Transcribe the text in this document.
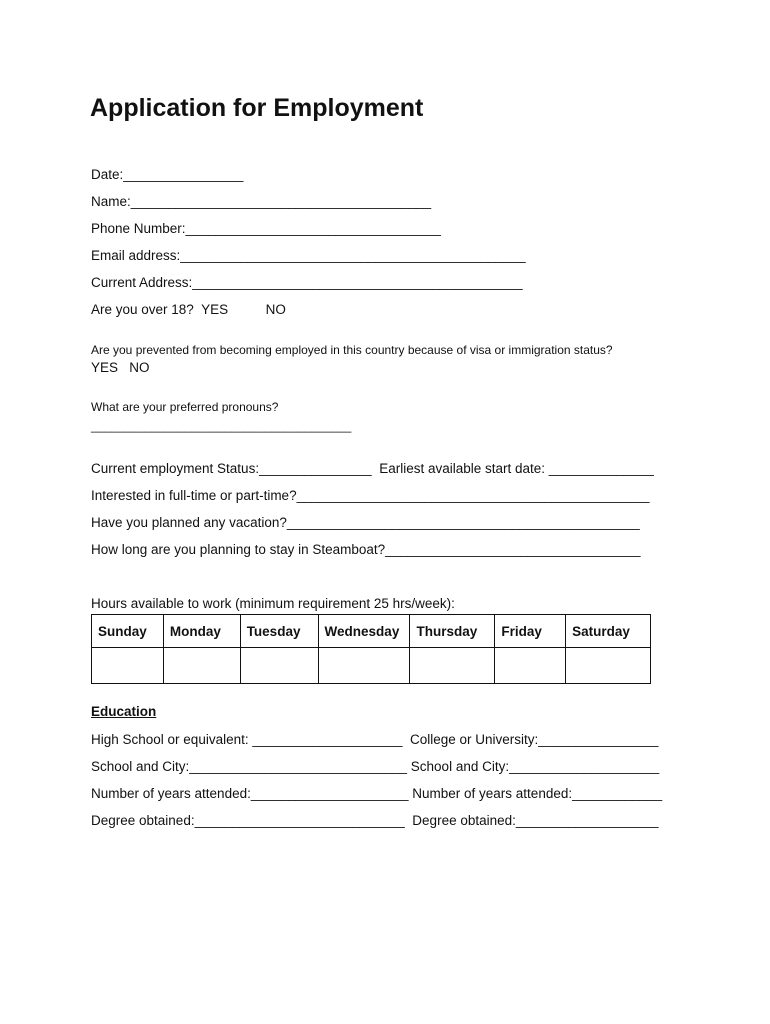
Application for Employment
Date:________________
Name:________________________________________
Phone Number:__________________________________
Email address:______________________________________________
Current Address:____________________________________________
Are you over 18?  YES          NO
Are you prevented from becoming employed in this country because of visa or immigration status?
YES   NO
What are your preferred pronouns?
_______________________________________
Current employment Status:_______________  Earliest available start date: ______________
Interested in full-time or part-time?_______________________________________________
Have you planned any vacation?_______________________________________________
How long are you planning to stay in Steamboat?__________________________________
Hours available to work (minimum requirement 25 hrs/week):
Sunday	Monday	Tuesday	Wednesday	Thursday	Friday	Saturday

Education
High School or equivalent: ____________________  College or University:________________
School and City:_____________________________ School and City:____________________
Number of years attended:_____________________ Number of years attended:____________
Degree obtained:____________________________  Degree obtained:___________________
